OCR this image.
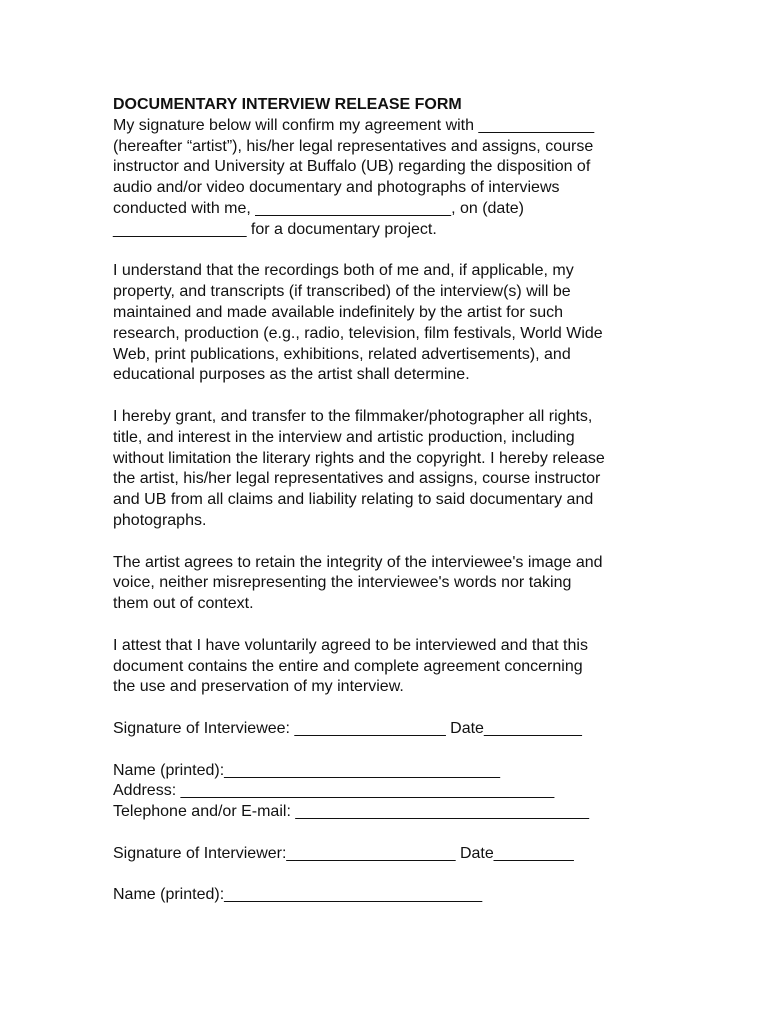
DOCUMENTARY INTERVIEW RELEASE FORM
My signature below will confirm my agreement with _____________
(hereafter “artist”), his/her legal representatives and assigns, course
instructor and University at Buffalo (UB) regarding the disposition of
audio and/or video documentary and photographs of interviews
conducted with me, ______________________, on (date)
_______________ for a documentary project.
I understand that the recordings both of me and, if applicable, my
property, and transcripts (if transcribed) of the interview(s) will be
maintained and made available indefinitely by the artist for such
research, production (e.g., radio, television, film festivals, World Wide
Web, print publications, exhibitions, related advertisements), and
educational purposes as the artist shall determine.
I hereby grant, and transfer to the filmmaker/photographer all rights,
title, and interest in the interview and artistic production, including
without limitation the literary rights and the copyright. I hereby release
the artist, his/her legal representatives and assigns, course instructor
and UB from all claims and liability relating to said documentary and
photographs.
The artist agrees to retain the integrity of the interviewee's image and
voice, neither misrepresenting the interviewee's words nor taking
them out of context.
I attest that I have voluntarily agreed to be interviewed and that this
document contains the entire and complete agreement concerning
the use and preservation of my interview.
Signature of Interviewee: _________________ Date___________
Name (printed):_______________________________
Address: __________________________________________
Telephone and/or E-mail: _________________________________
Signature of Interviewer:___________________ Date_________
Name (printed):_____________________________
